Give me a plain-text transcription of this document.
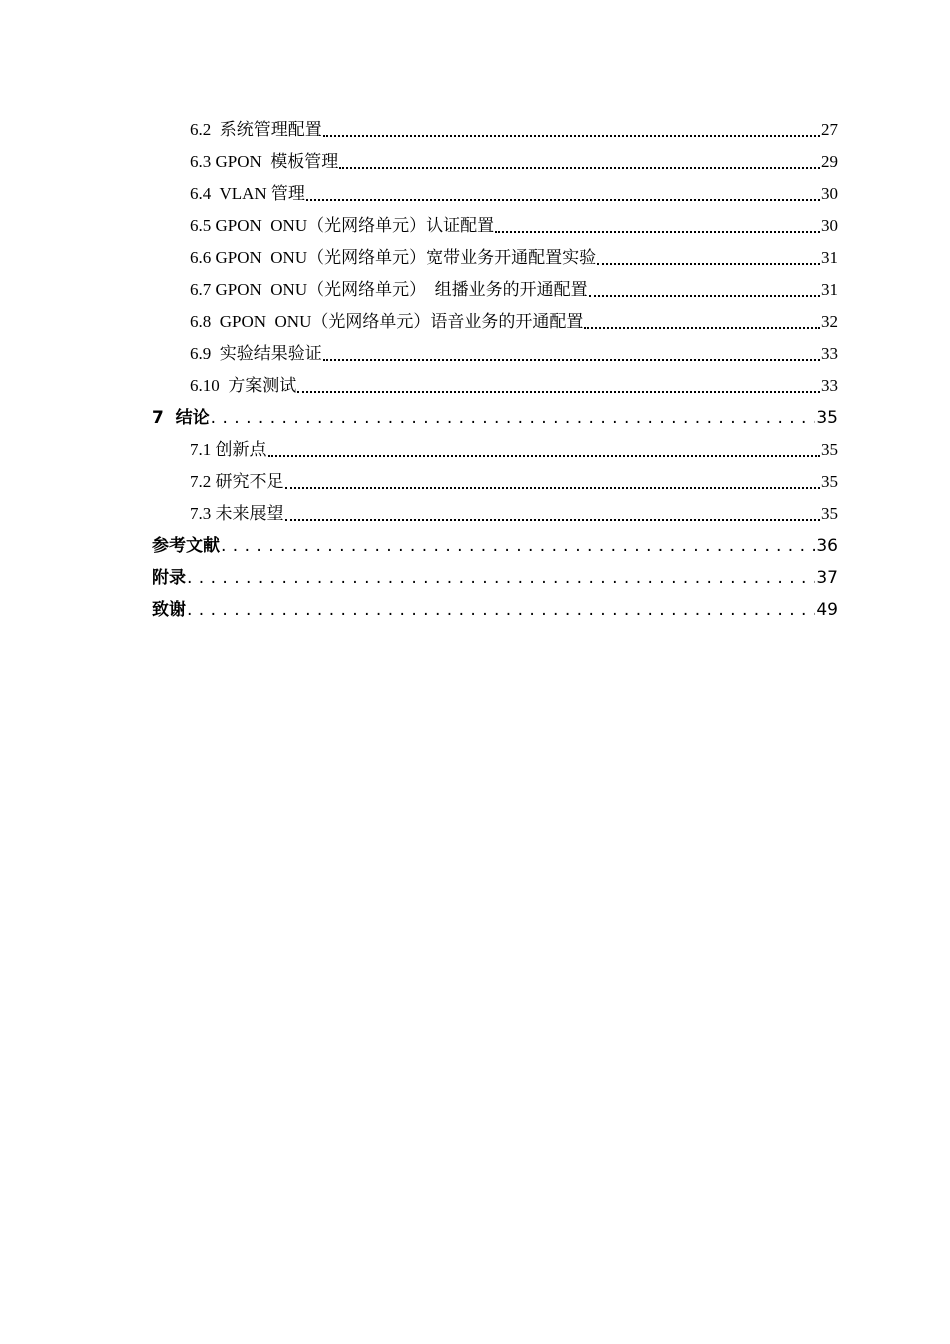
6.2  系统管理配置	27
6.3 GPON  模板管理	29
6.4  VLAN 管理	30
6.5 GPON  ONU（光网络单元）认证配置	30
6.6 GPON  ONU（光网络单元）宽带业务开通配置实验	31
6.7 GPON  ONU（光网络单元）  组播业务的开通配置	31
6.8  GPON  ONU（光网络单元）语音业务的开通配置	32
6.9  实验结果验证	33
6.10  方案测试	33
7  结论 . . .	35
7.1 创新点	35
7.2 研究不足	35
7.3 未来展望	35
参考文献 . . .	36
附录 . . .	37
致谢 . . .	49
